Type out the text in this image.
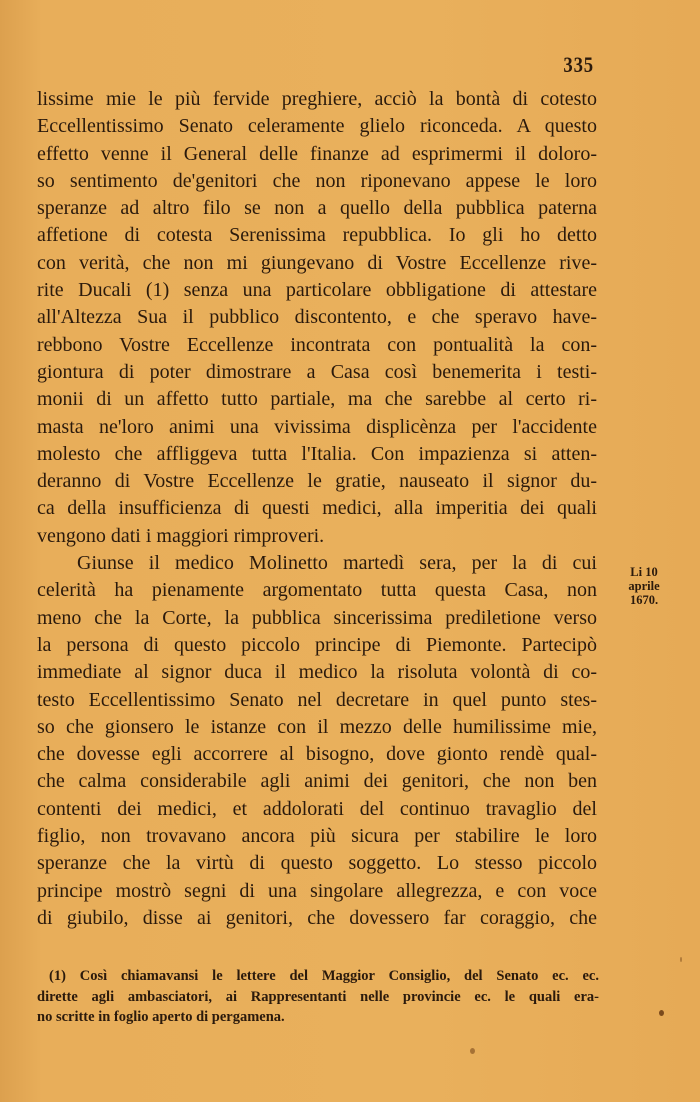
335
lissime mie le più fervide preghiere, acciò la bontà di cotesto
Eccellentissimo Senato celeramente glielo riconceda. A questo
effetto venne il General delle finanze ad esprimermi il doloro-
so sentimento de'genitori che non riponevano appese le loro
speranze ad altro filo se non a quello della pubblica paterna
affetione di cotesta Serenissima repubblica. Io gli ho detto
con verità, che non mi giungevano di Vostre Eccellenze rive-
rite Ducali (1) senza una particolare obbligatione di attestare
all'Altezza Sua il pubblico discontento, e che speravo have-
rebbono Vostre Eccellenze incontrata con pontualità la con-
giontura di poter dimostrare a Casa così benemerita i testi-
monii di un affetto tutto partiale, ma che sarebbe al certo ri-
masta ne'loro animi una vivissima displicènza per l'accidente
molesto che affliggeva tutta l'Italia. Con impazienza si atten-
deranno di Vostre Eccellenze le gratie, nauseato il signor du-
ca della insufficienza di questi medici, alla imperitia dei quali
vengono dati i maggiori rimproveri.
Giunse il medico Molinetto martedì sera, per la di cui
celerità ha pienamente argomentato tutta questa Casa, non
meno che la Corte, la pubblica sincerissima prediletione verso
la persona di questo piccolo principe di Piemonte. Partecipò
immediate al signor duca il medico la risoluta volontà di co-
testo Eccellentissimo Senato nel decretare in quel punto stes-
so che gionsero le istanze con il mezzo delle humilissime mie,
che dovesse egli accorrere al bisogno, dove gionto rendè qual-
che calma considerabile agli animi dei genitori, che non ben
contenti dei medici, et addolorati del continuo travaglio del
figlio, non trovavano ancora più sicura per stabilire le loro
speranze che la virtù di questo soggetto. Lo stesso piccolo
principe mostrò segni di una singolare allegrezza, e con voce
di giubilo, disse ai genitori, che dovessero far coraggio, che
Li 10
aprile
1670.
(1) Così chiamavansi le lettere del Maggior Consiglio, del Senato ec. ec.
dirette agli ambasciatori, ai Rappresentanti nelle provincie ec. le quali era-
no scritte in foglio aperto di pergamena.
